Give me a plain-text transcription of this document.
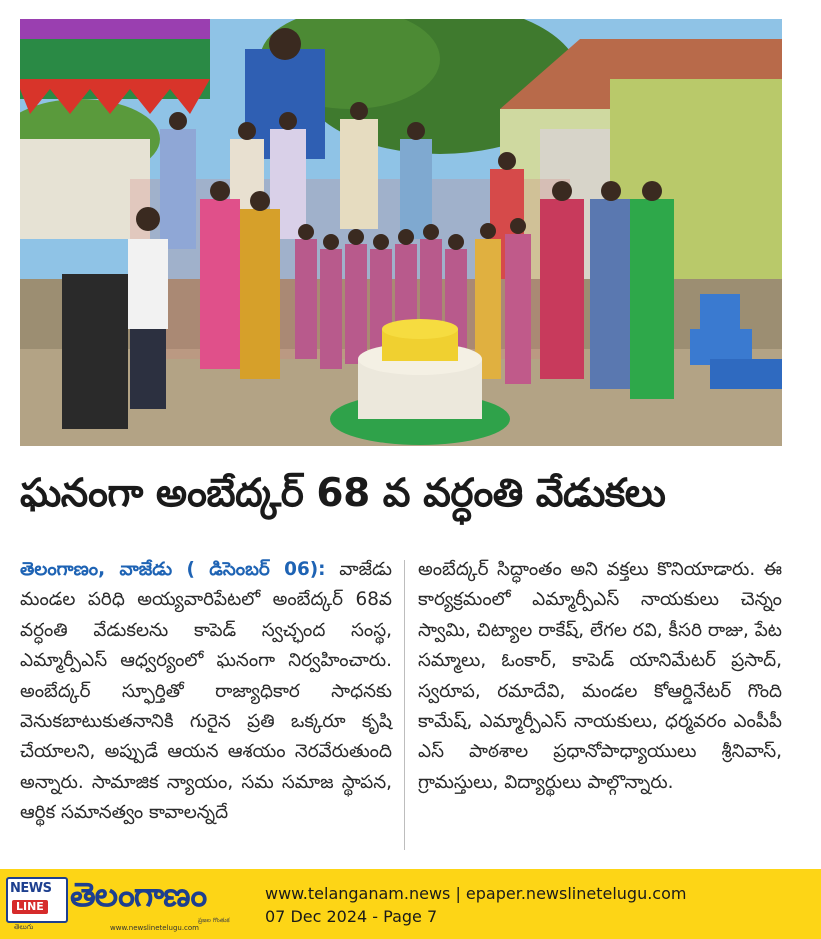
ఘనంగా అంబేద్కర్ 68 వ వర్ధంతి వేడుకలు
తెలంగాణం, వాజేడు ( డిసెంబర్ 06): వాజేడు మండల పరిధి అయ్యవారిపేటలో అంబేద్కర్ 68వ వర్ధంతి వేడుకలను కాపెడ్ స్వచ్ఛంద సంస్థ, ఎమ్మార్పీఎస్ ఆధ్వర్యంలో ఘనంగా నిర్వహించారు. అంబేద్కర్ స్ఫూర్తితో రాజ్యాధికార సాధనకు వెనుకబాటుకుతనానికి గురైన ప్రతి ఒక్కరూ కృషి చేయాలని, అప్పుడే ఆయన ఆశయం నెరవేరుతుంది అన్నారు. సామాజిక న్యాయం, సమ సమాజ స్థాపన, ఆర్థిక సమానత్వం కావాలన్నదే
అంబేద్కర్ సిద్ధాంతం అని వక్తలు కొనియాడారు. ఈ కార్యక్రమంలో ఎమ్మార్పీఎస్ నాయకులు చెన్నం స్వామి, చిట్యాల రాకేష్, లేగల రవి, కీసరి రాజు, పేట సమ్మాలు, ఓంకార్, కాపెడ్ యానిమేటర్ ప్రసాద్, స్వరూప, రమాదేవి, మండల కోఆర్డినేటర్ గొంది కామేష్, ఎమ్మార్పీఎస్ నాయకులు, ధర్మవరం ఎంపీపీ ఎస్ పాఠశాల ప్రధానోపాధ్యాయులు శ్రీనివాస్, గ్రామస్తులు, విద్యార్థులు పాల్గొన్నారు.
NEWS
LINE
తెలుగు
తెలంగాణం
ప్రజల గొంతుక
www.newslinetelugu.com
www.telanganam.news | epaper.newslinetelugu.com
07 Dec 2024 - Page 7
